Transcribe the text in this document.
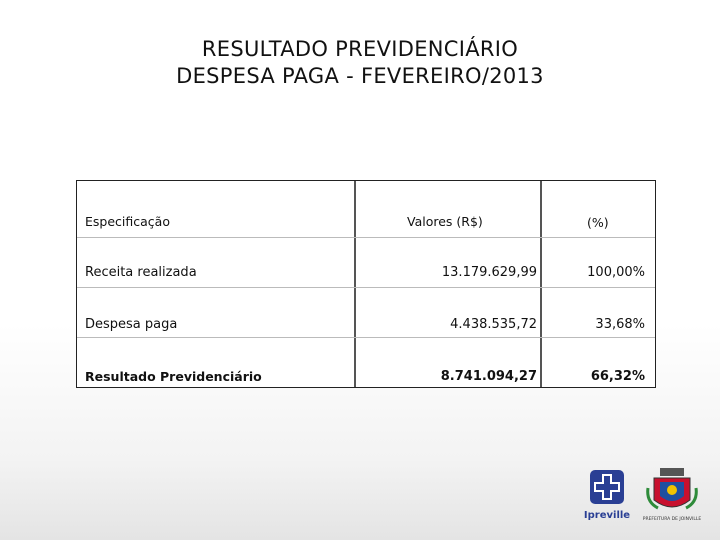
RESULTADO PREVIDENCIÁRIO
DESPESA PAGA - FEVEREIRO/2013
Especificação	Valores (R$)	(%)
Receita realizada	13.179.629,99	100,00%
Despesa paga	4.438.535,72	33,68%
Resultado Previdenciário	8.741.094,27	66,32%
Ipreville	PREFEITURA DE JOINVILLE
